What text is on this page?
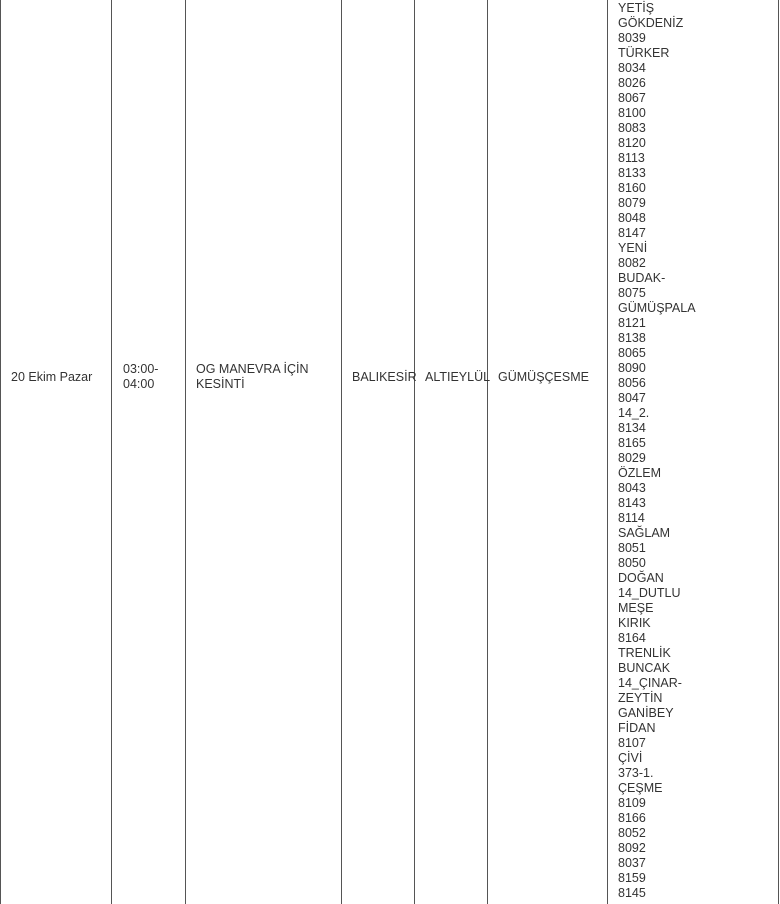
20 Ekim Pazar
03:00-
04:00
OG MANEVRA İÇİN KESİNTİ	BALIKESİR ALTIEYLÜL GÜMÜŞÇESME
YETİŞ
GÖKDENİZ
8039
TÜRKER
8034
8026
8067
8100
8083
8120
8113
8133
8160
8079
8048
8147
YENİ
8082
BUDAK-
8075
GÜMÜŞPALA
8121
8138
8065
8090
8056
8047
14_2.
8134
8165
8029
ÖZLEM
8043
8143
8114
SAĞLAM
8051
8050
DOĞAN
14_DUTLU
MEŞE
KIRIK
8164
TRENLİK
BUNCAK
14_ÇINAR-
ZEYTİN
GANİBEY
FİDAN
8107
ÇİVİ
373-1.
ÇEŞME
8109
8166
8052
8092
8037
8159
8145
